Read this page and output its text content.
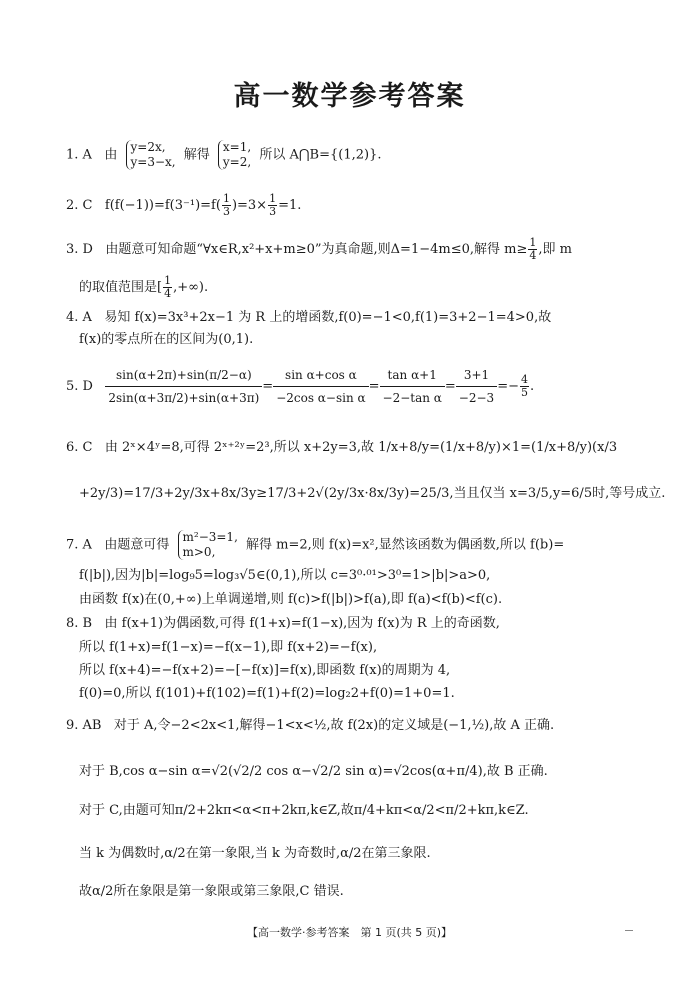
高一数学参考答案
1. A 由
y=2x,
y=3−x, 解得
x=1,
y=2, 所以 A⋂B={(1,2)}.
2. C $f(f(-1))=f(3^{-1})=f( \frac{1}{3} )=3\times \frac{1}{3} =1$.
3. D 由题意可知命题“∀x∈R,x²+x+m≥0”为真命题,则Δ=1−4m≤0,解得 $m\ge \frac{1}{4}$ ,即 m
的取值范围是[ $\frac{1}{4}$ ,+∞).
4. A 易知 f(x)=3x³+2x−1 为 R 上的增函数,f(0)=−1<0,f(1)=3+2−1=4>0,故
f(x)的零点所在的区间为(0,1).
5. D $\frac{\sin(\alpha+2\pi)+\sin(\pi/2-\alpha)}{2\sin(\alpha+3\pi/2)+\sin(\alpha+3\pi)} = \frac{\text{sin α+cos α}}{\text{−2cos α−sin α}} = \frac{\text{tan α+1}}{\text{−2−tan α}} = \frac{3+1}{-2-3} =- \frac{4}{5}$ .
6. C 由 2ˣ×4ʸ=8,可得 2ˣ⁺²ʸ=2³,所以 x+2y=3,故 1/x+8/y=(1/x+8/y)×1=(1/x+8/y)(x/3
+2y/3)=17/3+2y/3x+8x/3y≥17/3+2√(2y/3x·8x/3y)=25/3,当且仅当 x=3/5,y=6/5时,等号成立.
7. A 由题意可得
m²−3=1,
m>0,	解得 m=2,则 f(x)=x²,显然该函数为偶函数,所以 f(b)=
f(|b|),因为|b|=log₉5=log₃√5∈(0,1),所以 c=3⁰·⁰¹>3⁰=1>|b|>a>0,
由函数 f(x)在(0,+∞)上单调递增,则 f(c)>f(|b|)>f(a),即 f(a)<f(b)<f(c).
8. B 由 f(x+1)为偶函数,可得 f(1+x)=f(1−x),因为 f(x)为 R 上的奇函数,
所以 f(1+x)=f(1−x)=−f(x−1),即 f(x+2)=−f(x),
所以 f(x+4)=−f(x+2)=−[−f(x)]=f(x),即函数 f(x)的周期为 4,
f(0)=0,所以 f(101)+f(102)=f(1)+f(2)=log₂2+f(0)=1+0=1.
9. AB 对于 A,令−2<2x<1,解得−1<x<½,故 f(2x)的定义域是(−1,½),故 A 正确.
对于 B,cos α−sin α=√2(√2/2 cos α−√2/2 sin α)=√2cos(α+π/4),故 B 正确.
对于 C,由题可知π/2+2kπ<α<π+2kπ,k∈Z,故π/4+kπ<α/2<π/2+kπ,k∈Z.
当 k 为偶数时,α/2在第一象限,当 k 为奇数时,α/2在第三象限.
故α/2所在象限是第一象限或第三象限,C 错误.
【高一数学·参考答案　第 1 页(共 5 页)】
